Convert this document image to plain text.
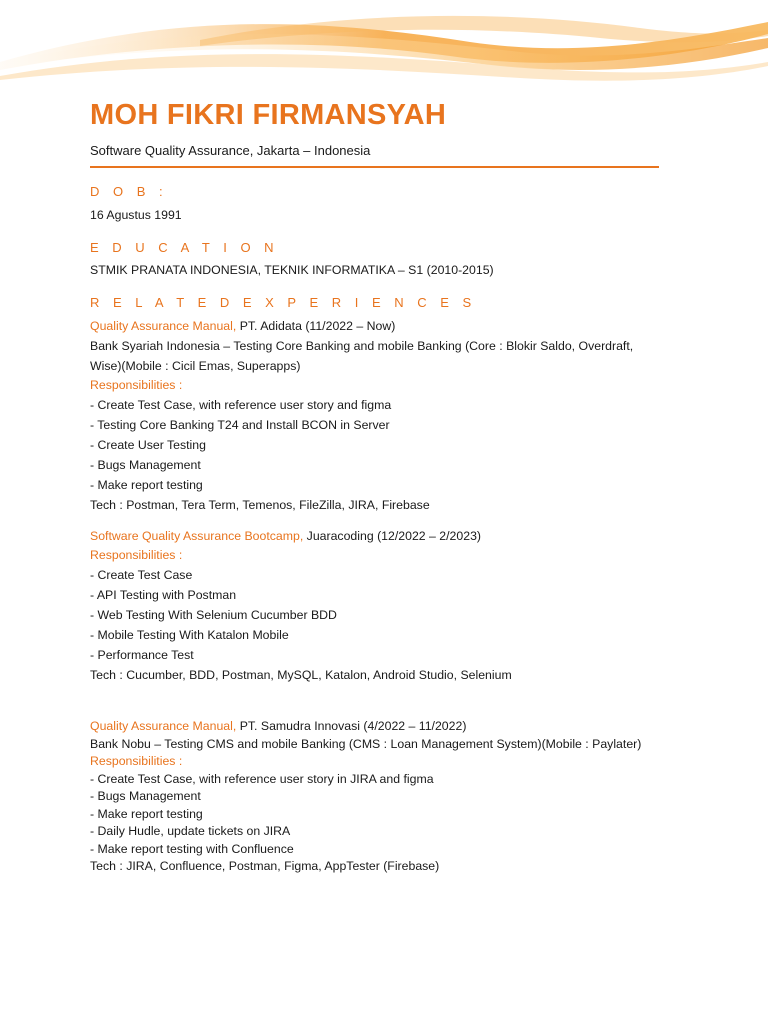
MOH FIKRI FIRMANSYAH
Software Quality Assurance, Jakarta – Indonesia
D O B :
16 Agustus 1991
E D U C A T I O N
STMIK PRANATA INDONESIA, TEKNIK INFORMATIKA – S1 (2010-2015)
R E L A T E D E X P E R I E N C E S
Quality Assurance Manual, PT. Adidata (11/2022 – Now)
Bank Syariah Indonesia – Testing Core Banking and mobile Banking (Core : Blokir Saldo, Overdraft, Wise)(Mobile : Cicil Emas, Superapps)
Responsibilities :
- Create Test Case, with reference user story and figma
- Testing Core Banking T24 and Install BCON in Server
- Create User Testing
- Bugs Management
- Make report testing
Tech : Postman, Tera Term, Temenos, FileZilla, JIRA, Firebase
Software Quality Assurance Bootcamp, Juaracoding (12/2022 – 2/2023)
Responsibilities :
- Create Test Case
- API Testing with Postman
- Web Testing With Selenium Cucumber BDD
- Mobile Testing With Katalon Mobile
- Performance Test
Tech : Cucumber, BDD, Postman, MySQL, Katalon, Android Studio, Selenium
Quality Assurance Manual, PT. Samudra Innovasi (4/2022 – 11/2022)
Bank Nobu – Testing CMS and mobile Banking (CMS : Loan Management System)(Mobile : Paylater)
Responsibilities :
- Create Test Case, with reference user story in JIRA and figma
- Bugs Management
- Make report testing
- Daily Hudle, update tickets on JIRA
- Make report testing with Confluence
Tech : JIRA, Confluence, Postman, Figma, AppTester (Firebase)
